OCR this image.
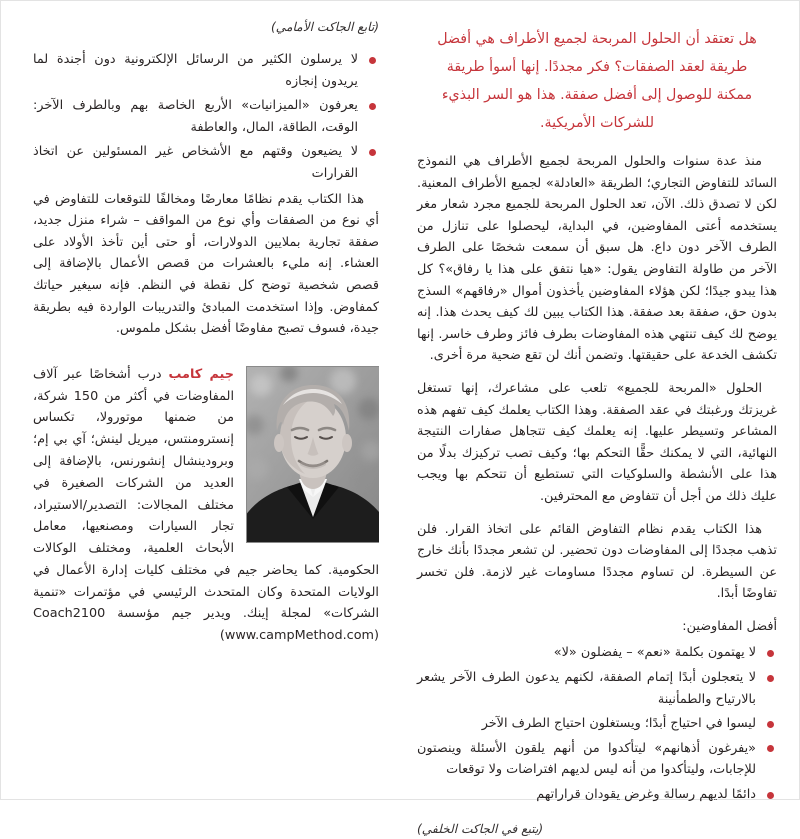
هل تعتقد أن الحلول المربحة لجميع الأطراف هي أفضل طريقة لعقد الصفقات؟ فكر مجددًا. إنها أسوأ طريقة ممكنة للوصول إلى أفضل صفقة. هذا هو السر البذيء للشركات الأمريكية.

منذ عدة سنوات والحلول المربحة لجميع الأطراف هي النموذج السائد للتفاوض التجاري؛ الطريقة «العادلة» لجميع الأطراف المعنية. لكن لا تصدق ذلك. الآن، تعد الحلول المربحة للجميع مجرد شعار مغر يستخدمه أعتى المفاوضين، في البداية، ليحصلوا على تنازل من الطرف الآخر دون داع. هل سبق أن سمعت شخصًا على الطرف الآخر من طاولة التفاوض يقول: «هيا نتفق على هذا يا رفاق»؟ كل هذا يبدو جيدًا؛ لكن هؤلاء المفاوضين يأخذون أموال «رفاقهم» السذج بدون حق، صفقة بعد صفقة. هذا الكتاب يبين لك كيف يحدث هذا. إنه يوضح لك كيف تنتهي هذه المفاوضات بطرف فائز وطرف خاسر. إنها تكشف الخدعة على حقيقتها. وتضمن أنك لن تقع ضحية مرة أخرى.

الحلول «المربحة للجميع» تلعب على مشاعرك، إنها تستغل غريزتك ورغبتك في عقد الصفقة. وهذا الكتاب يعلمك كيف تفهم هذه المشاعر وتسيطر عليها. إنه يعلمك كيف تتجاهل صفارات النتيجة النهائية، التي لا يمكنك حقًّا التحكم بها؛ وكيف تصب تركيزك بدلًا من هذا على الأنشطة والسلوكيات التي تستطيع أن تتحكم بها ويجب عليك ذلك من أجل أن تتفاوض مع المحترفين.

هذا الكتاب يقدم نظام التفاوض القائم على اتخاذ القرار. فلن تذهب مجددًا إلى المفاوضات دون تحضير. لن تشعر مجددًا بأنك خارج عن السيطرة. لن تساوم مجددًا مساومات غير لازمة. فلن تخسر تفاوضًا أبدًا.

أفضل المفاوضين:

لا يهتمون بكلمة «نعم» – يفضلون «لا»
لا يتعجلون أبدًا إتمام الصفقة، لكنهم يدعون الطرف الآخر يشعر بالارتياح والطمأنينة
ليسوا في احتياج أبدًا؛ ويستغلون احتياج الطرف الآخر
«يفرغون أذهانهم» ليتأكدوا من أنهم يلقون الأسئلة وينصتون للإجابات، وليتأكدوا من أنه ليس لديهم افتراضات ولا توقعات
دائمًا لديهم رسالة وغرض يقودان قراراتهم

(يتبع في الجاكت الخلفي)

(تابع الجاكت الأمامي)

لا يرسلون الكثير من الرسائل الإلكترونية دون أجندة لما يريدون إنجازه
يعرفون «الميزانيات» الأربع الخاصة بهم وبالطرف الآخر: الوقت، الطاقة، المال، والعاطفة
لا يضيعون وقتهم مع الأشخاص غير المسئولين عن اتخاذ القرارات

هذا الكتاب يقدم نظامًا معارضًا ومخالفًا للتوقعات للتفاوض في أي نوع من الصفقات وأي نوع من المواقف – شراء منزل جديد، صفقة تجارية بملايين الدولارات، أو حتى أين تأخذ الأولاد على العشاء. إنه مليء بالعشرات من قصص الأعمال بالإضافة إلى قصص شخصية توضح كل نقطة في النظم. فإنه سيغير حياتك كمفاوض. وإذا استخدمت المبادئ والتدريبات الواردة فيه بطريقة جيدة، فسوف تصبح مفاوضًا أفضل بشكل ملموس.

جيم كامب درب أشخاصًا عبر آلاف المفاوضات في أكثر من 150 شركة، من ضمنها موتورولا، تكساس إنسترومنتس، ميريل لينش؛ آي بي إم؛ وبرودينشال إنشورنس، بالإضافة إلى العديد من الشركات الصغيرة في مختلف المجالات: التصدير/الاستيراد، تجار السيارات ومصنعيها، معامل الأبحاث العلمية، ومختلف الوكالات الحكومية. كما يحاضر جيم في مختلف كليات إدارة الأعمال في الولايات المتحدة وكان المتحدث الرئيسي في مؤتمرات «تنمية الشركات» لمجلة إينك. ويدير جيم مؤسسة Coach2100 (www.campMethod.com)
